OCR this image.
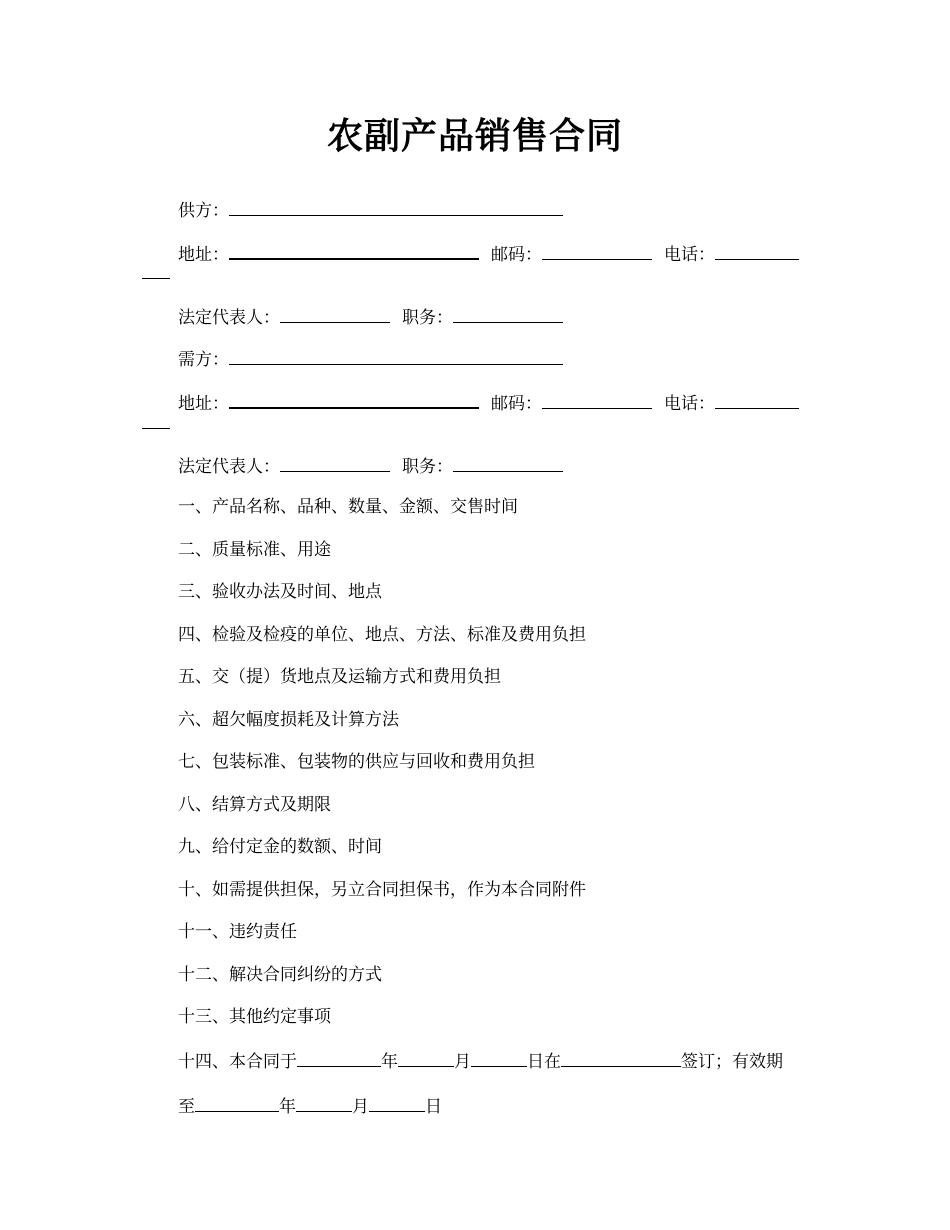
农副产品销售合同
供方：
地址：	邮码：	电话：
法定代表人：	职务：
需方：
地址：	邮码：	电话：
法定代表人：	职务：
一、产品名称、品种、数量、金额、交售时间
二、质量标准、用途
三、验收办法及时间、地点
四、检验及检疫的单位、地点、方法、标准及费用负担
五、交（提）货地点及运输方式和费用负担
六、超欠幅度损耗及计算方法
七、包装标准、包装物的供应与回收和费用负担
八、结算方式及期限
九、给付定金的数额、时间
十、如需提供担保，另立合同担保书，作为本合同附件
十一、违约责任
十二、解决合同纠纷的方式
十三、其他约定事项
十四、本合同于	年	月	日在	签订；有效期
至	年	月	日
